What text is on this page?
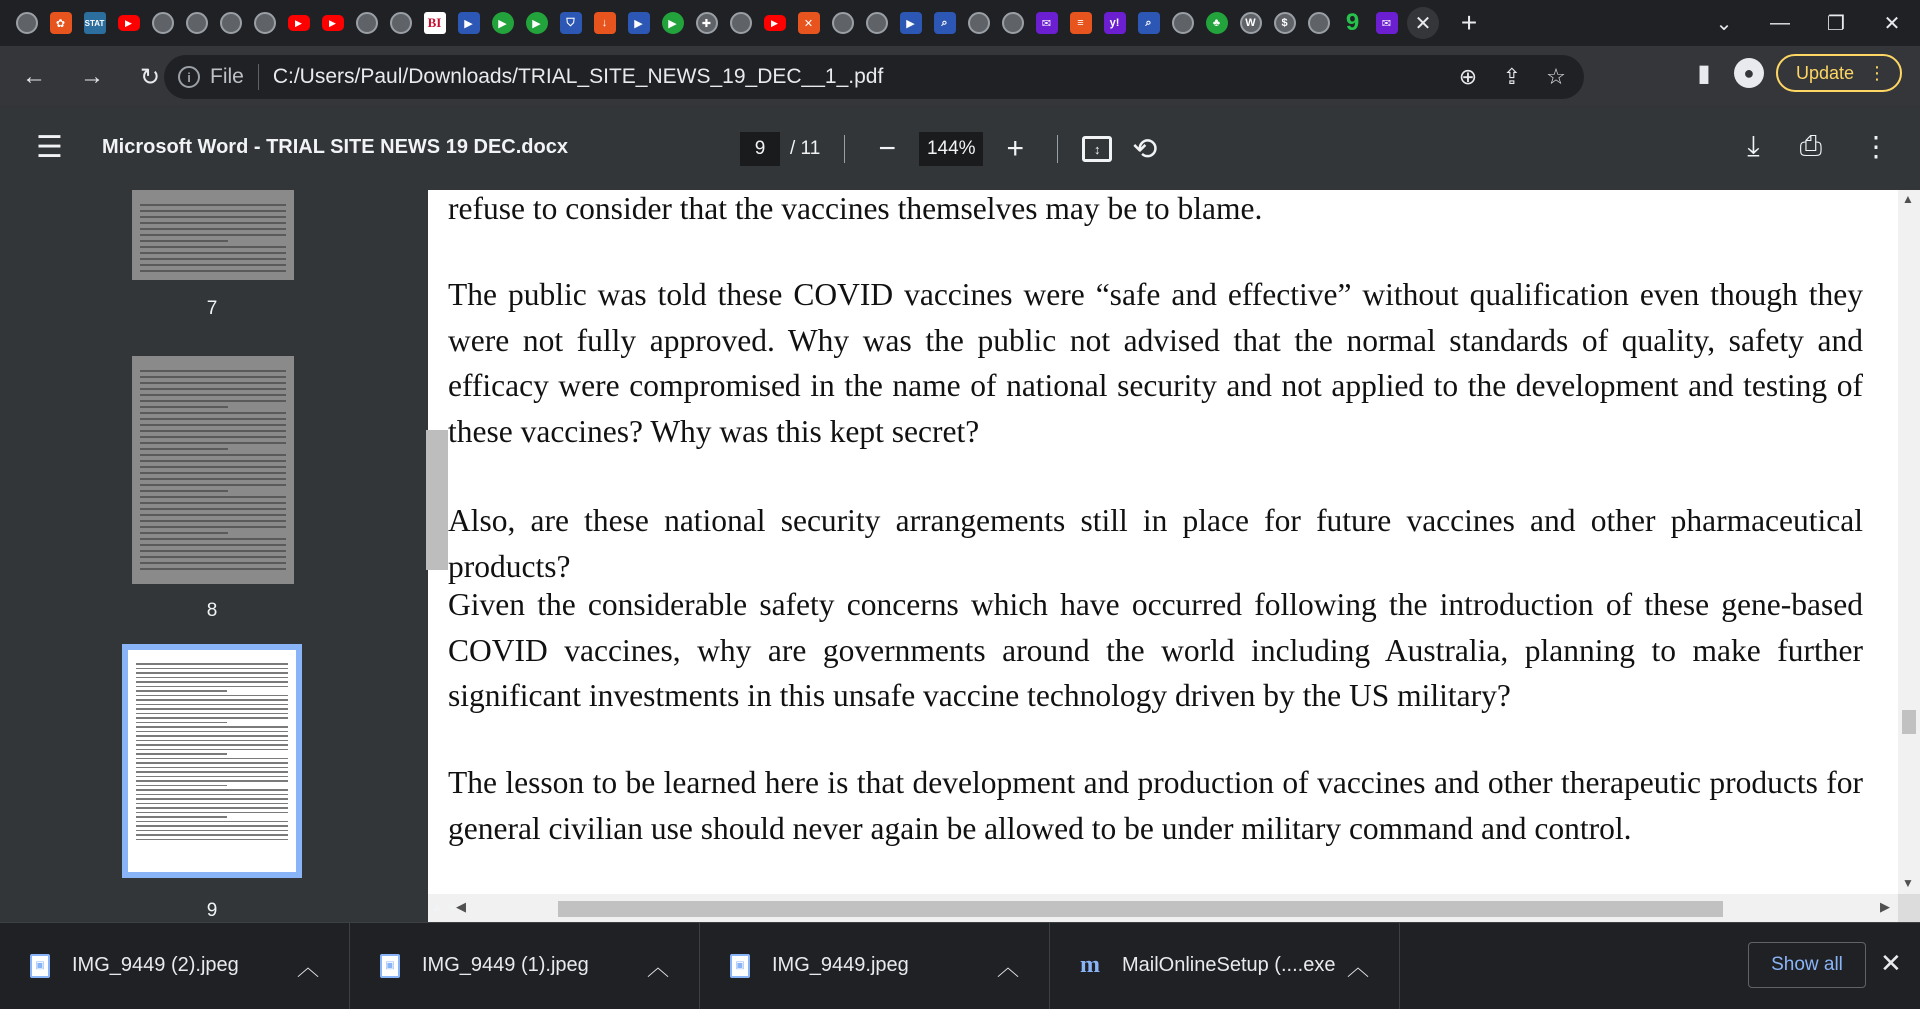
✿	STAT	▶	▶	▶	BI	▶	▶	▶	⛉	↓	▶	▶	✚	▶	✕	▶	⌕	✉	≡	y!	⌕	♣	W	$	9	✉	✕	+	⌄	—	❐	✕
←	→	↻	i File C:/Users/Paul/Downloads/TRIAL_SITE_NEWS_19_DEC__1_.pdf	⊕ ⇪ ☆	▮	●	Update ⋮
☰ Microsoft Word - TRIAL SITE NEWS 19 DEC.docx	9	/ 11	−	144%	+	↕	⟲	⤓ ⎙ ⋮
7
8
9

refuse to consider that the vaccines themselves may be to blame.

The public was told these COVID vaccines were “safe and effective” without qualification even though they were not fully approved. Why was the public not advised that the normal standards of quality, safety and efficacy were compromised in the name of national security and not applied to the development and testing of these vaccines? Why was this kept secret?

Also, are these national security arrangements still in place for future vaccines and other pharmaceutical products?

Given the considerable safety concerns which have occurred following the introduction of these gene-based COVID vaccines, why are governments around the world including Australia, planning to make further significant investments in this unsafe vaccine technology driven by the US military?

The lesson to be learned here is that development and production of vaccines and other therapeutic products for general civilian use should never again be allowed to be under military command and control.

▲
▼
◀	▶
▲ ◂
▣ IMG_9449 (2).jpeg	︿	▣ IMG_9449 (1).jpeg	︿	▣ IMG_9449.jpeg	︿	m MailOnlineSetup (....exe ︿	Show all	✕
